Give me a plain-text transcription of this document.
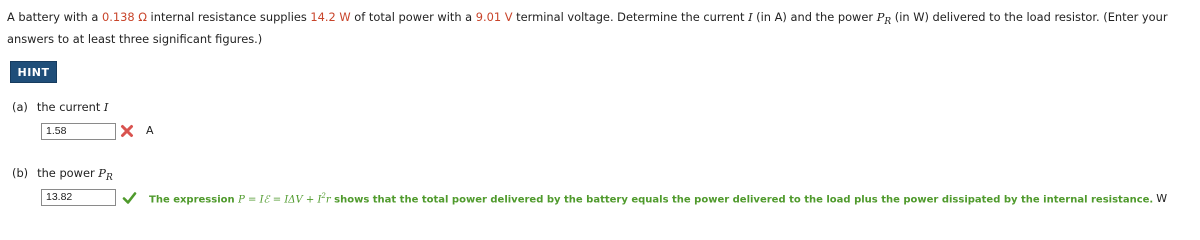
A battery with a 0.138 Ω internal resistance supplies 14.2 W of total power with a 9.01 V terminal voltage. Determine the current I (in A) and the power $P_R$ (in W) delivered to the load resistor. (Enter your answers to at least three significant figures.)
HINT
(a) the current I
1.58	A
(b) the power $P_R$
13.82	The expression P = Iℰ = $I\Delta V + I^2r$ shows that the total power delivered by the battery equals the power delivered to the load plus the power dissipated by the internal resistance. W
